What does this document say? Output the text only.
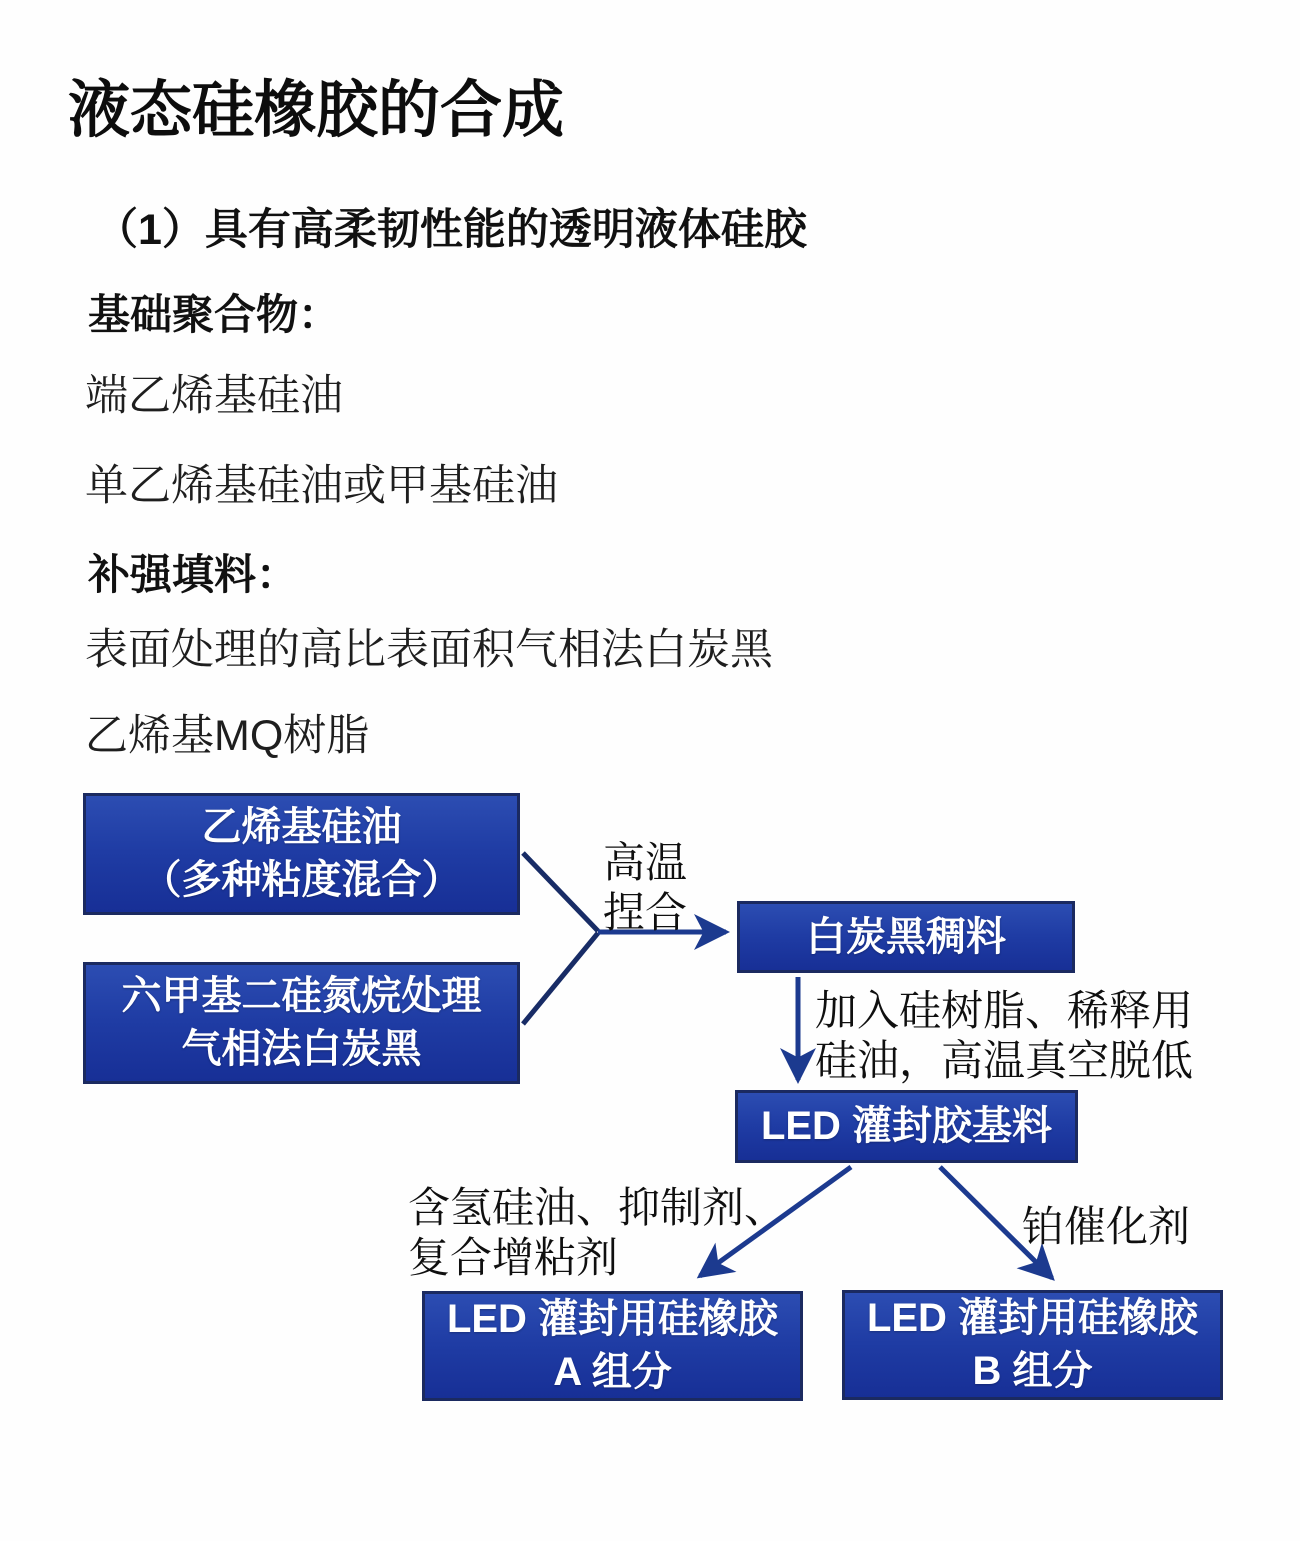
液态硅橡胶的合成
（1）具有高柔韧性能的透明液体硅胶
基础聚合物：
端乙烯基硅油
单乙烯基硅油或甲基硅油
补强填料：
表面处理的高比表面积气相法白炭黑
乙烯基MQ树脂
乙烯基硅油
（多种粘度混合）
六甲基二硅氮烷处理
气相法白炭黑
白炭黑稠料
LED 灌封胶基料
LED 灌封用硅橡胶
A 组分
LED 灌封用硅橡胶
B 组分
高温
捏合
加入硅树脂、稀释用
硅油，高温真空脱低
含氢硅油、抑制剂、
复合增粘剂
铂催化剂
